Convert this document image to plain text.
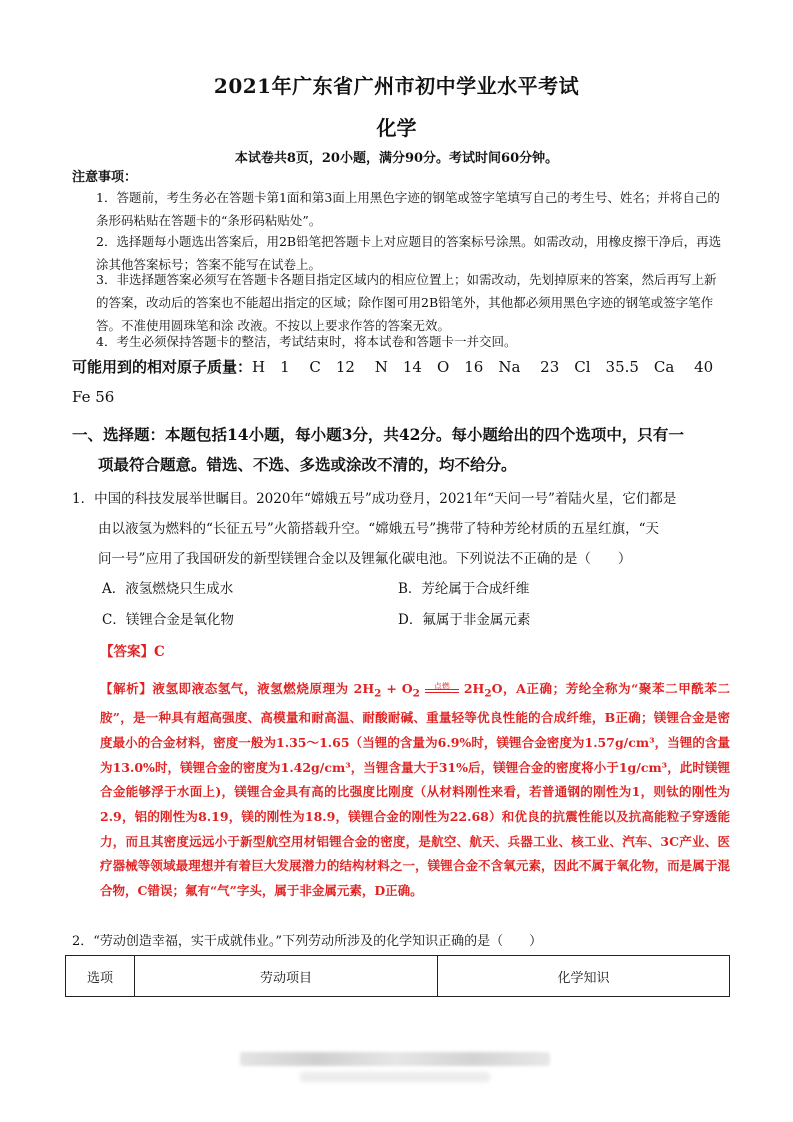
2021年广东省广州市初中学业水平考试
化学
本试卷共8页，20小题，满分90分。考试时间60分钟。
注意事项：
1．答题前，考生务必在答题卡第1面和第3面上用黑色字迹的钢笔或签字笔填写自己的考生号、姓名；并将自己的条形码粘贴在答题卡的“条形码粘贴处”。
2．选择题每小题选出答案后，用2B铅笔把答题卡上对应题目的答案标号涂黑。如需改动，用橡皮擦干净后，再选涂其他答案标号；答案不能写在试卷上。
3．非选择题答案必须写在答题卡各题目指定区域内的相应位置上；如需改动，先划掉原来的答案，然后再写上新的答案，改动后的答案也不能超出指定的区域；除作图可用2B铅笔外，其他都必须用黑色字迹的钢笔或签字笔作答。不准使用圆珠笔和涂 改液。不按以上要求作答的答案无效。
4．考生必须保持答题卡的整洁，考试结束时，将本试卷和答题卡一并交回。
可能用到的相对原子质量：H　1　 C　12　 N　14　O　16　Na　 23　Cl　35.5　Ca　 40
Fe 56
一、选择题：本题包括14小题，每小题3分，共42分。每小题给出的四个选项中，只有一
项最符合题意。错选、不选、多选或涂改不清的，均不给分。
1．中国的科技发展举世瞩目。2020年“嫦娥五号”成功登月，2021年“天问一号”着陆火星，它们都是
由以液氢为燃料的“长征五号”火箭搭载升空。“嫦娥五号”携带了特种芳纶材质的五星红旗，“天
问一号”应用了我国研发的新型镁锂合金以及锂氟化碳电池。下列说法不正确的是（　　）
A．液氢燃烧只生成水	B．芳纶属于合成纤维
C．镁锂合金是氧化物	D．氟属于非金属元素
【答案】C
【解析】液氢即液态氢气，液氢燃烧原理为 $2H_2 + O_2$
点燃 $2H_2O$，A正确；芳纶全称为“聚苯二甲酰苯二胺”，是一种具有超高强度、高模量和耐高温、耐酸耐碱、重量轻等优良性能的合成纤维，B正确；镁锂合金是密度最小的合金材料，密度一般为1.35～1.65（当锂的含量为6.9%时，镁锂合金密度为1.57g/cm³，当锂的含量为13.0%时，镁锂合金的密度为1.42g/cm³，当锂含量大于31%后，镁锂合金的密度将小于1g/cm³，此时镁锂合金能够浮于水面上)，镁锂合金具有高的比强度比刚度（从材料刚性来看，若普通钢的刚性为1，则钛的刚性为2.9，铝的刚性为8.19，镁的刚性为18.9，镁锂合金的刚性为22.68）和优良的抗震性能以及抗高能粒子穿透能力，而且其密度远远小于新型航空用材铝锂合金的密度，是航空、航天、兵器工业、核工业、汽车、3C产业、医疗器械等领域最理想并有着巨大发展潜力的结构材料之一，镁锂合金不含氧元素，因此不属于氧化物，而是属于混合物，C错误；氟有“气”字头，属于非金属元素，D正确。
2．“劳动创造幸福，实干成就伟业。”下列劳动所涉及的化学知识正确的是（　　）
选项	劳动项目	化学知识
